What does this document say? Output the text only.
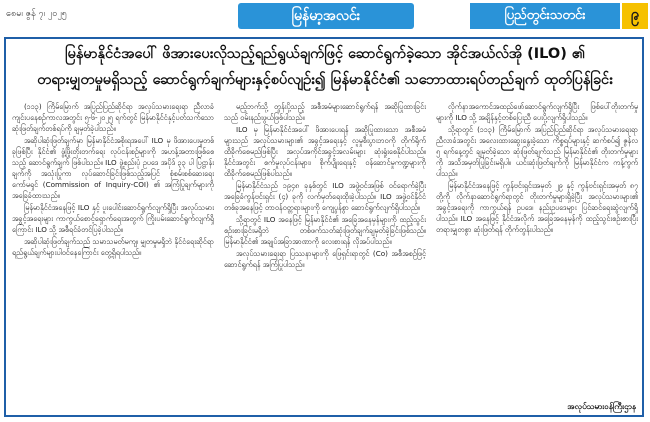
၈ေမ၊ ဇွန် ၇၊ ၂၀၂၅	မြန်မာ့အလင်း	ပြည်တွင်းသတင်း	၉
မြန်မာနိုင်ငံအပေါ် ဖိအားပေးလိုသည့်ရည်ရွယ်ချက်ဖြင့် ဆောင်ရွက်ခဲ့သော အိုင်အယ်လ်အို (ILO) ၏
တရားမျှတမှုမရှိသည့် ဆောင်ရွက်ချက်များနှင့်စပ်လျဉ်း၍ မြန်မာနိုင်ငံ၏ သဘောထားရပ်တည်ချက် ထုတ်ပြန်ခြင်း

(၁၁၃) ကြိမ်မြောက် အပြည်ပြည်ဆိုင်ရာ အလုပ်သမားရေးရာ ညီလာခံကျင်းပနေစဉ်ကာလအတွင်း ၅-၆-၂၀၂၅ ရက်တွင် မြန်မာနိုင်ငံနှင့်ပတ်သက်သော ဆုံးဖြတ်ချက်တစ်ရပ်ကို ချမှတ်ခဲ့ပါသည်။

အဆိုပါဆုံးဖြတ်ချက်မှာ မြန်မာနိုင်ငံအစိုးရအပေါ် ILO မှ ဖိအားပေးမှုတစ်ခုဖြစ်ပြီး နိုင်ငံ၏ ဖွံ့ဖြိုးတိုးတက်ရေး လုပ်ငန်းစဉ်များကို အဟန့်အတားဖြစ်စေသည့် ဆောင်ရွက်ချက် ဖြစ်ပါသည်။ ILO ဖွဲ့စည်းပုံ ဥပဒေ အပိုဒ် ၃၃ ပါ ပြဋ္ဌာန်းချက်ကို အသုံးပြုကာ လုပ်ဆောင်ခြင်းဖြစ်သည့်အပြင် စုံစမ်းစစ်ဆေးရေးကော်မရှင် (Commission of Inquiry-COI) ၏ အကြံပြုချက်များကို အခြေခံထားသည်။

မြန်မာနိုင်ငံအနေဖြင့် ILO နှင့် ပူးပေါင်းဆောင်ရွက်လျက်ရှိပြီး အလုပ်သမားအခွင့်အရေးများ ကာကွယ်စောင့်ရှောက်ရေးအတွက် ကြိုးပမ်းဆောင်ရွက်လျက်ရှိကြောင်း ILO သို့ အစီရင်ခံတင်ပြခဲ့ပါသည်။

အဆိုပါဆုံးဖြတ်ချက်သည် သမာသမတ်မကျ၊ မျှတမှုမရှိဘဲ နိုင်ငံရေးဆိုင်ရာ ရည်ရွယ်ချက်များပါဝင်နေကြောင်း တွေ့ရှိရပါသည်။

မည့်ဘက်သို့ တွန်းပို့သည့် အစီအမံများဆောင်ရွက်ရန် အဆိုပြုထားခြင်းသည် ဝမ်းနည်းဖွယ်ဖြစ်ပါသည်။

ILO မှ မြန်မာနိုင်ငံအပေါ် ဖိအားပေးရန် အဆိုပြုထားသော အစီအမံများသည် အလုပ်သမားများ၏ အခွင့်အရေးနှင့် လူမှုစီးပွားဘဝကို တိုက်ရိုက်ထိခိုက်စေမည်ဖြစ်ပြီး အလုပ်အကိုင်အခွင့်အလမ်းများ ဆုံးရှုံးစေနိုင်ပါသည်။ နိုင်ငံအတွင်း စက်မှုလုပ်ငန်းများ၊ စိုက်ပျိုးရေးနှင့် ဝန်ဆောင်မှုကဏ္ဍများကို ထိခိုက်စေမည်ဖြစ်ပါသည်။

မြန်မာနိုင်ငံသည် ၁၉၄၈ ခုနှစ်တွင် ILO အဖွဲ့ဝင်အဖြစ် ဝင်ရောက်ခဲ့ပြီး အခြေခံကွန်ဗင်းရှင်း (၄) ခုကို လက်မှတ်ရေးထိုးခဲ့ပါသည်။ ILO အဖွဲ့ဝင်နိုင်ငံတစ်ခုအနေဖြင့် တာဝန်ဝတ္တရားများကို ကျေပွန်စွာ ဆောင်ရွက်လျက်ရှိပါသည်။

သို့ရာတွင် ILO အနေဖြင့် မြန်မာနိုင်ငံ၏ အခြေအနေမှန်များကို ထည့်သွင်းစဉ်းစားခြင်းမရှိဘဲ တစ်ဖက်သတ်ဆုံးဖြတ်ချက်ချမှတ်ခဲ့ခြင်းဖြစ်သည်။ မြန်မာနိုင်ငံ၏ အချုပ်အခြာအာဏာကို လေးစားရန် လိုအပ်ပါသည်။

အလုပ်သမားရေးရာ ပြဿနာများကို ဖြေရှင်းရာတွင် (Co) အစီအစဉ်ဖြင့် ဆောင်ရွက်ရန် အကြံပြုပါသည်။

လိုက်နာအကောင်အထည်ဖော်ဆောင်ရွက်လျက်ရှိပြီး ဖြစ်ပေါ်တိုးတက်မှုများကို ILO သို့ အချိန်နှင့်တစ်ပြေးညီ ပေးပို့လျက်ရှိပါသည်။

သို့ရာတွင် (၁၁၃) ကြိမ်မြောက် အပြည်ပြည်ဆိုင်ရာ အလုပ်သမားရေးရာ ညီလာခံအတွင်း အလေးထားဆွေးနွေးခဲ့သော ကိစ္စရပ်များနှင့် ဆက်စပ်၍ ဇွန်လ ၅ ရက်နေ့တွင် ချမှတ်ခဲ့သော ဆုံးဖြတ်ချက်သည် မြန်မာနိုင်ငံ၏ တိုးတက်မှုများကို အသိအမှတ်ပြုခြင်းမရှိပါ။ ယင်းဆုံးဖြတ်ချက်ကို မြန်မာနိုင်ငံက ကန့်ကွက်ပါသည်။

မြန်မာနိုင်ငံအနေဖြင့် ကွန်ဗင်းရှင်းအမှတ် ၂၉ နှင့် ကွန်ဗင်းရှင်းအမှတ် ၈၇ တို့ကို လိုက်နာဆောင်ရွက်ရာတွင် တိုးတက်မှုများရှိခဲ့ပြီး အလုပ်သမားများ၏ အခွင့်အရေးကို ကာကွယ်ရန် ဥပဒေ၊ နည်းဥပဒေများ ပြင်ဆင်ရေးဆွဲလျက်ရှိပါသည်။ ILO အနေဖြင့် နိုင်ငံအလိုက် အခြေအနေမှန်ကို ထည့်သွင်းစဉ်းစားပြီး တရားမျှတစွာ ဆုံးဖြတ်ရန် တိုက်တွန်းပါသည်။

အလုပ်သမားဝန်ကြီးဌာန
